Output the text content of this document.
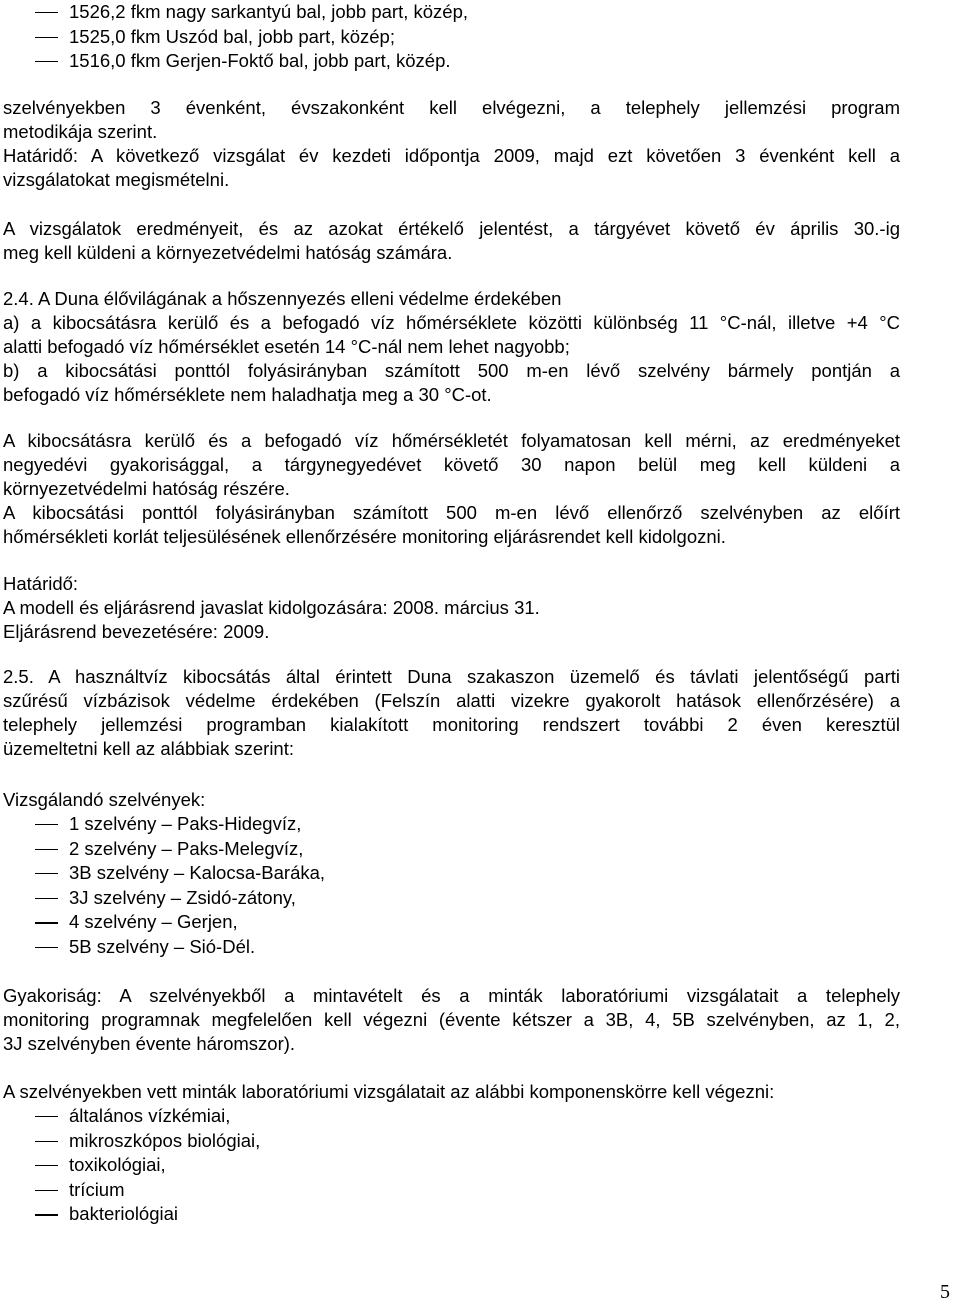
1526,2 fkm nagy sarkantyú bal, jobb part, közép,
1525,0 fkm Uszód bal, jobb part, közép;
1516,0 fkm Gerjen-Foktő bal, jobb part, közép.

szelvényekben 3 évenként, évszakonként kell elvégezni, a telephely jellemzési program

metodikája szerint.

Határidő: A következő vizsgálat év kezdeti időpontja 2009, majd ezt követően 3 évenként kell a

vizsgálatokat megismételni.

A vizsgálatok eredményeit, és az azokat értékelő jelentést, a tárgyévet követő év április 30.-ig

meg kell küldeni a környezetvédelmi hatóság számára.

2.4. A Duna élővilágának a hőszennyezés elleni védelme érdekében

a) a kibocsátásra kerülő és a befogadó víz hőmérséklete közötti különbség 11 °C-nál, illetve +4 °C

alatti befogadó víz hőmérséklet esetén 14 °C-nál nem lehet nagyobb;

b) a kibocsátási ponttól folyásirányban számított 500 m-en lévő szelvény bármely pontján a

befogadó víz hőmérséklete nem haladhatja meg a 30 °C-ot.

A kibocsátásra kerülő és a befogadó víz hőmérsékletét folyamatosan kell mérni, az eredményeket

negyedévi gyakorisággal, a tárgynegyedévet követő 30 napon belül meg kell küldeni a

környezetvédelmi hatóság részére.

A kibocsátási ponttól folyásirányban számított 500 m-en lévő ellenőrző szelvényben az előírt

hőmérsékleti korlát teljesülésének ellenőrzésére monitoring eljárásrendet kell kidolgozni.

Határidő:

A modell és eljárásrend javaslat kidolgozására: 2008. március 31.

Eljárásrend bevezetésére: 2009.

2.5. A használtvíz kibocsátás által érintett Duna szakaszon üzemelő és távlati jelentőségű parti

szűrésű vízbázisok védelme érdekében (Felszín alatti vizekre gyakorolt hatások ellenőrzésére) a

telephely jellemzési programban kialakított monitoring rendszert további 2 éven keresztül

üzemeltetni kell az alábbiak szerint:

Vizsgálandó szelvények:

1 szelvény – Paks-Hidegvíz,
2 szelvény – Paks-Melegvíz,
3B szelvény – Kalocsa-Baráka,
3J szelvény – Zsidó-zátony,
4 szelvény – Gerjen,
5B szelvény – Sió-Dél.

Gyakoriság: A szelvényekből a mintavételt és a minták laboratóriumi vizsgálatait a telephely

monitoring programnak megfelelően kell végezni (évente kétszer a 3B, 4, 5B szelvényben, az 1, 2,

3J szelvényben évente háromszor).

A szelvényekben vett minták laboratóriumi vizsgálatait az alábbi komponenskörre kell végezni:

általános vízkémiai,
mikroszkópos biológiai,
toxikológiai,
trícium
bakteriológiai
5
